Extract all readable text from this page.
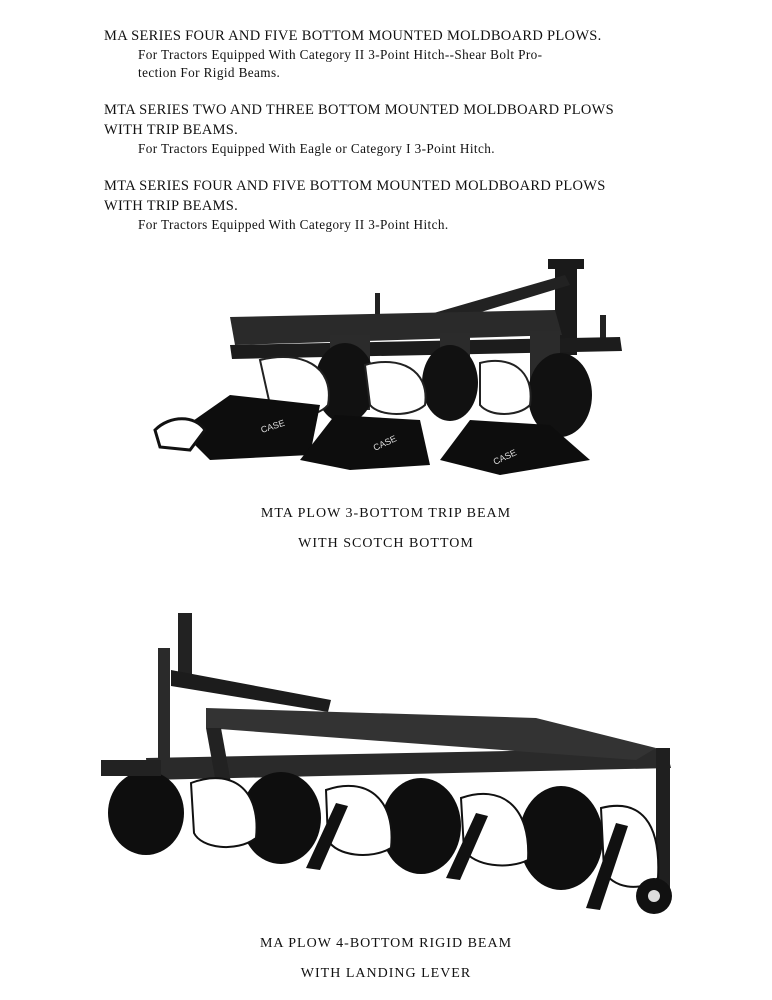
MA SERIES FOUR AND FIVE BOTTOM MOUNTED MOLDBOARD PLOWS.

For Tractors Equipped With Category II 3-Point Hitch--Shear Bolt Pro-

tection For Rigid Beams.

MTA SERIES TWO AND THREE BOTTOM MOUNTED MOLDBOARD PLOWS

WITH TRIP BEAMS.

For Tractors Equipped With Eagle or Category I 3-Point Hitch.

MTA SERIES FOUR AND FIVE BOTTOM MOUNTED MOLDBOARD PLOWS

WITH TRIP BEAMS.

For Tractors Equipped With Category II 3-Point Hitch.

CASE
CASE
CASE
MTA PLOW 3-BOTTOM TRIP BEAM
WITH SCOTCH BOTTOM
MA PLOW 4-BOTTOM RIGID BEAM
WITH LANDING LEVER
